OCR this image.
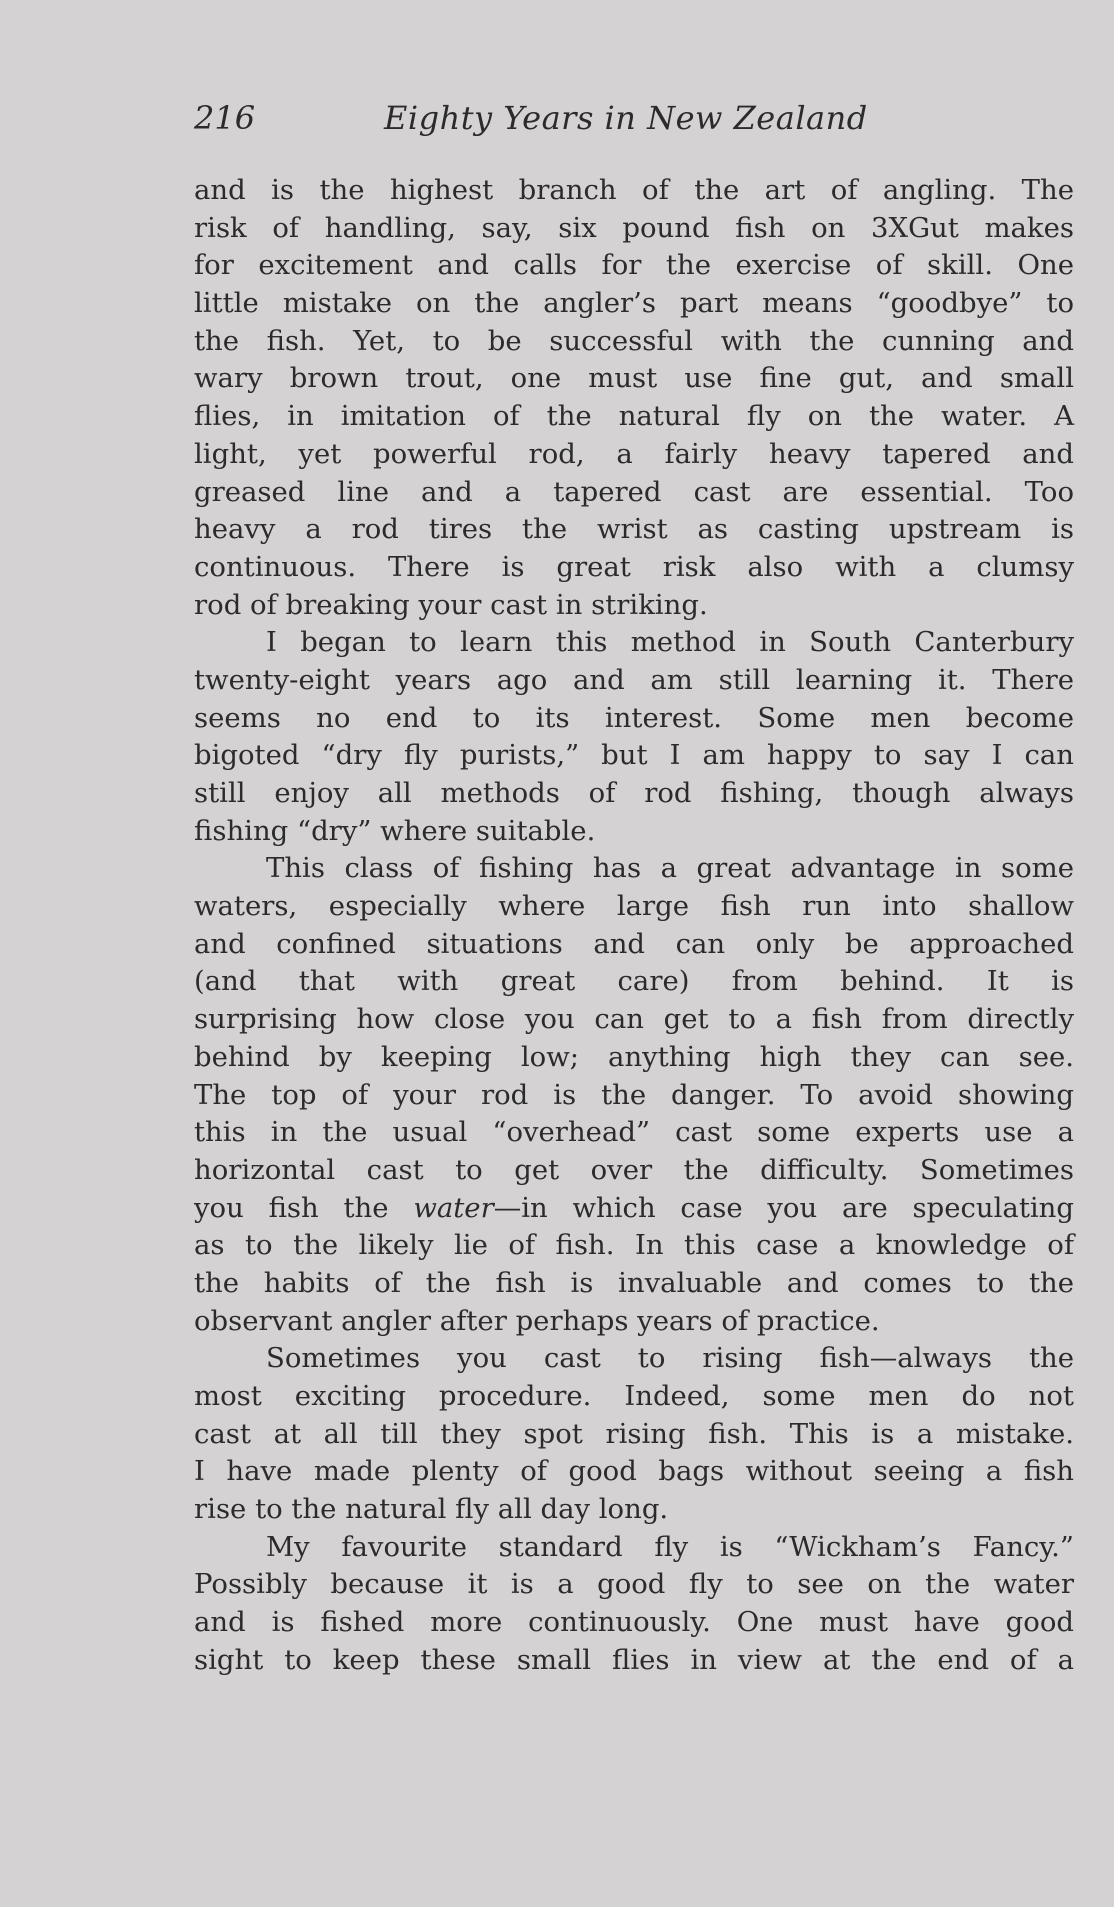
216	Eighty Years in New Zealand
and is the highest branch of the art of angling. The
risk of handling, say, six pound fish on 3XGut makes
for excitement and calls for the exercise of skill. One
little mistake on the angler’s part means “goodbye” to
the fish. Yet, to be successful with the cunning and
wary brown trout, one must use fine gut, and small
flies, in imitation of the natural fly on the water. A
light, yet powerful rod, a fairly heavy tapered and
greased line and a tapered cast are essential. Too
heavy a rod tires the wrist as casting upstream is
continuous. There is great risk also with a clumsy
rod of breaking your cast in striking.
I began to learn this method in South Canterbury
twenty-eight years ago and am still learning it. There
seems no end to its interest. Some men become
bigoted “dry fly purists,” but I am happy to say I can
still enjoy all methods of rod fishing, though always
fishing “dry” where suitable.
This class of fishing has a great advantage in some
waters, especially where large fish run into shallow
and confined situations and can only be approached
(and that with great care) from behind. It is
surprising how close you can get to a fish from directly
behind by keeping low; anything high they can see.
The top of your rod is the danger. To avoid showing
this in the usual “overhead” cast some experts use a
horizontal cast to get over the difficulty. Sometimes
you fish the water—in which case you are speculating
as to the likely lie of fish. In this case a knowledge of
the habits of the fish is invaluable and comes to the
observant angler after perhaps years of practice.
Sometimes you cast to rising fish—always the
most exciting procedure. Indeed, some men do not
cast at all till they spot rising fish. This is a mistake.
I have made plenty of good bags without seeing a fish
rise to the natural fly all day long.
My favourite standard fly is “Wickham’s Fancy.”
Possibly because it is a good fly to see on the water
and is fished more continuously. One must have good
sight to keep these small flies in view at the end of a
